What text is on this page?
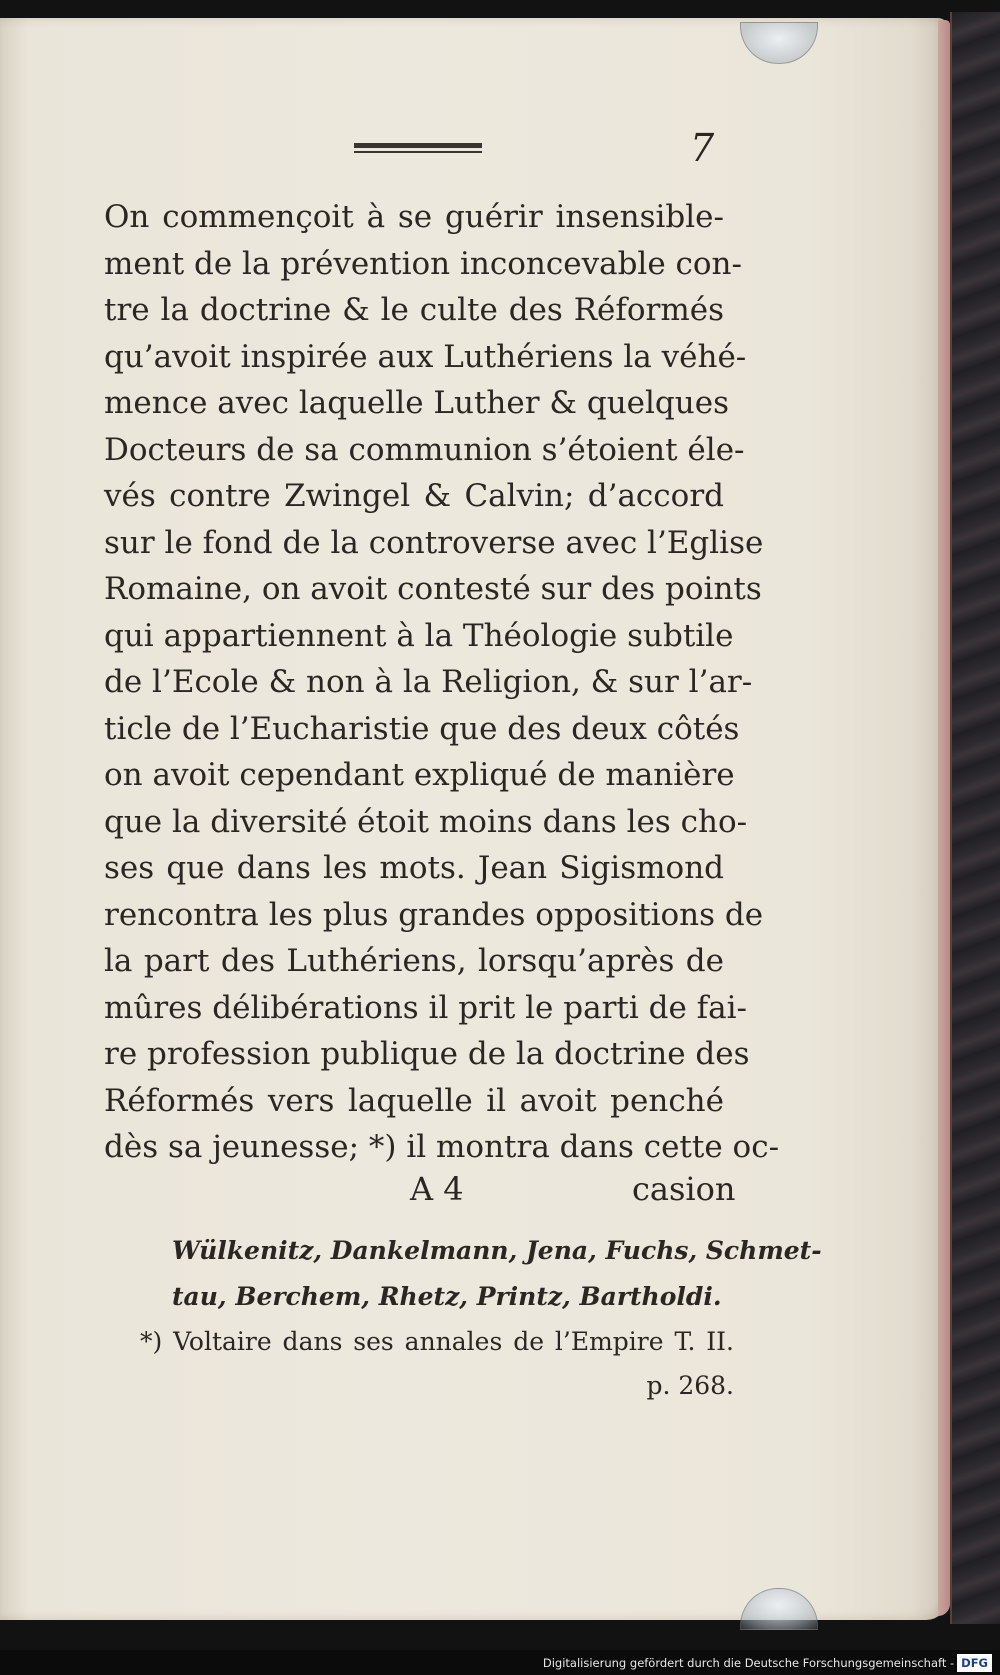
7
On commençoit à se guérir insensible-
ment de la prévention inconcevable con-
tre la doctrine & le culte des Réformés
qu’avoit inspirée aux Luthériens la véhé-
mence avec laquelle Luther & quelques
Docteurs de sa communion s’étoient éle-
vés contre Zwingel & Calvin; d’accord
sur le fond de la controverse avec l’Eglise
Romaine, on avoit contesté sur des points
qui appartiennent à la Théologie subtile
de l’Ecole & non à la Religion, & sur l’ar-
ticle de l’Eucharistie que des deux côtés
on avoit cependant expliqué de manière
que la diversité étoit moins dans les cho-
ses que dans les mots. Jean Sigismond
rencontra les plus grandes oppositions de
la part des Luthériens, lorsqu’après de
mûres délibérations il prit le parti de fai-
re profession publique de la doctrine des
Réformés vers laquelle il avoit penché
dès sa jeunesse; *) il montra dans cette oc-
A 4	casion
Wülkenitz, Dankelmann, Jena, Fuchs, Schmet-
tau, Berchem, Rhetz, Printz, Bartholdi.
*) Voltaire dans ses annales de l’Empire T. II.
p. 268.
Digitalisierung gefördert durch die Deutsche Forschungsgemeinschaft - DFG
